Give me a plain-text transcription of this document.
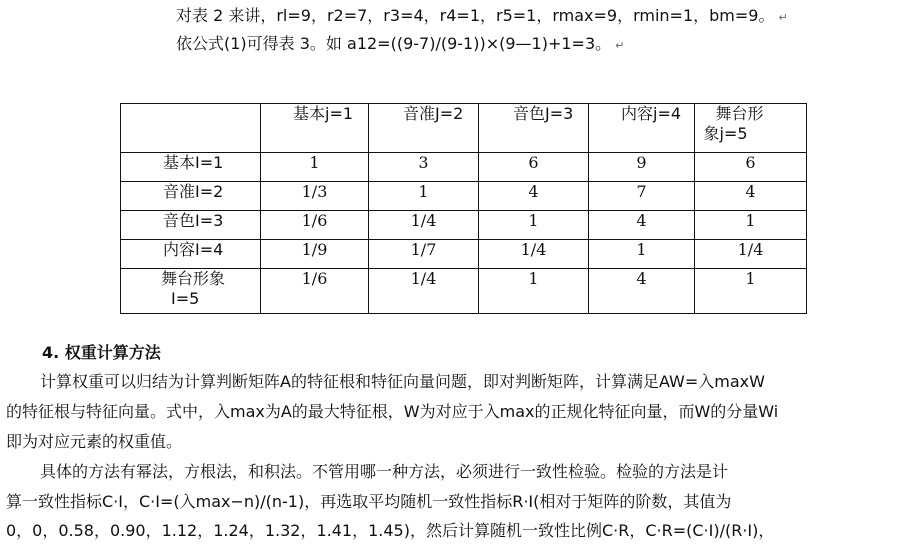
对表 2 来讲，rl=9，r2=7，r3=4，r4=1，r5=1，rmax=9，rmin=1，bm=9。 ↵
依公式(1)可得表 3。如 a12=((9-7)/(9-1))×(9—1)+1=3。 ↵
	基本j=1	音准J=2	音色J=3	内容j=4	舞台形
象j=5
基本I=1	1	3	6	9	6
音准I=2	1/3	1	4	7	4
音色I=3	1/6	1/4	1	4	1
内容I=4	1/9	1/7	1/4	1	1/4
舞台形象
I=5	1/6	1/4	1	4	1
4. 权重计算方法
计算权重可以归结为计算判断矩阵A的特征根和特征向量问题，即对判断矩阵，计算满足AW=入maxW
的特征根与特征向量。式中，入max为A的最大特征根，W为对应于入max的正规化特征向量，而W的分量Wi
即为对应元素的权重值。
具体的方法有幂法，方根法，和积法。不管用哪一种方法，必须进行一致性检验。检验的方法是计
算一致性指标C·I，C·I=(入max−n)/(n-1)，再选取平均随机一致性指标R·I(相对于矩阵的阶数，其值为
0，0，0.58，0.90，1.12，1.24，1.32，1.41，1.45)，然后计算随机一致性比例C·R，C·R=(C·I)/(R·I)，
